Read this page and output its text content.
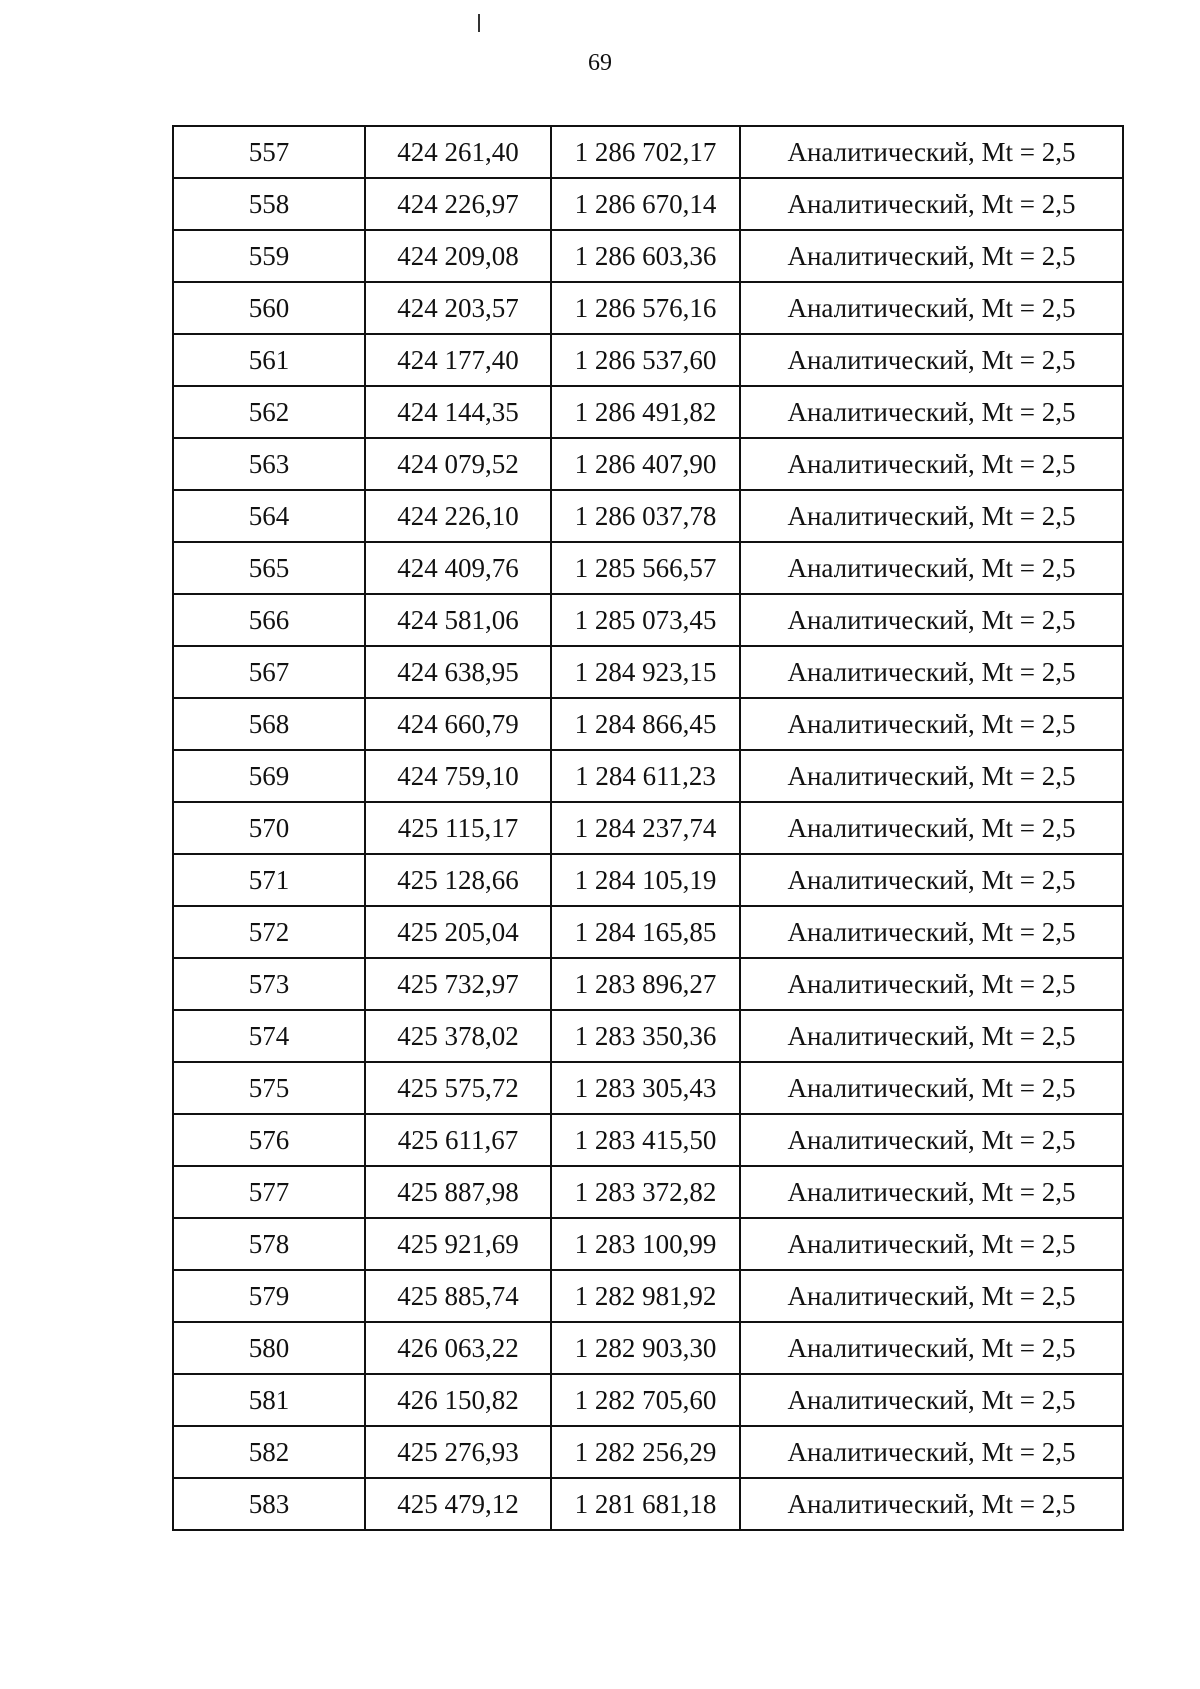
69
557	424 261,40	1 286 702,17	Аналитический, Mt = 2,5
558	424 226,97	1 286 670,14	Аналитический, Mt = 2,5
559	424 209,08	1 286 603,36	Аналитический, Mt = 2,5
560	424 203,57	1 286 576,16	Аналитический, Mt = 2,5
561	424 177,40	1 286 537,60	Аналитический, Mt = 2,5
562	424 144,35	1 286 491,82	Аналитический, Mt = 2,5
563	424 079,52	1 286 407,90	Аналитический, Mt = 2,5
564	424 226,10	1 286 037,78	Аналитический, Mt = 2,5
565	424 409,76	1 285 566,57	Аналитический, Mt = 2,5
566	424 581,06	1 285 073,45	Аналитический, Mt = 2,5
567	424 638,95	1 284 923,15	Аналитический, Mt = 2,5
568	424 660,79	1 284 866,45	Аналитический, Mt = 2,5
569	424 759,10	1 284 611,23	Аналитический, Mt = 2,5
570	425 115,17	1 284 237,74	Аналитический, Mt = 2,5
571	425 128,66	1 284 105,19	Аналитический, Mt = 2,5
572	425 205,04	1 284 165,85	Аналитический, Mt = 2,5
573	425 732,97	1 283 896,27	Аналитический, Mt = 2,5
574	425 378,02	1 283 350,36	Аналитический, Mt = 2,5
575	425 575,72	1 283 305,43	Аналитический, Mt = 2,5
576	425 611,67	1 283 415,50	Аналитический, Mt = 2,5
577	425 887,98	1 283 372,82	Аналитический, Mt = 2,5
578	425 921,69	1 283 100,99	Аналитический, Mt = 2,5
579	425 885,74	1 282 981,92	Аналитический, Mt = 2,5
580	426 063,22	1 282 903,30	Аналитический, Mt = 2,5
581	426 150,82	1 282 705,60	Аналитический, Mt = 2,5
582	425 276,93	1 282 256,29	Аналитический, Mt = 2,5
583	425 479,12	1 281 681,18	Аналитический, Mt = 2,5
